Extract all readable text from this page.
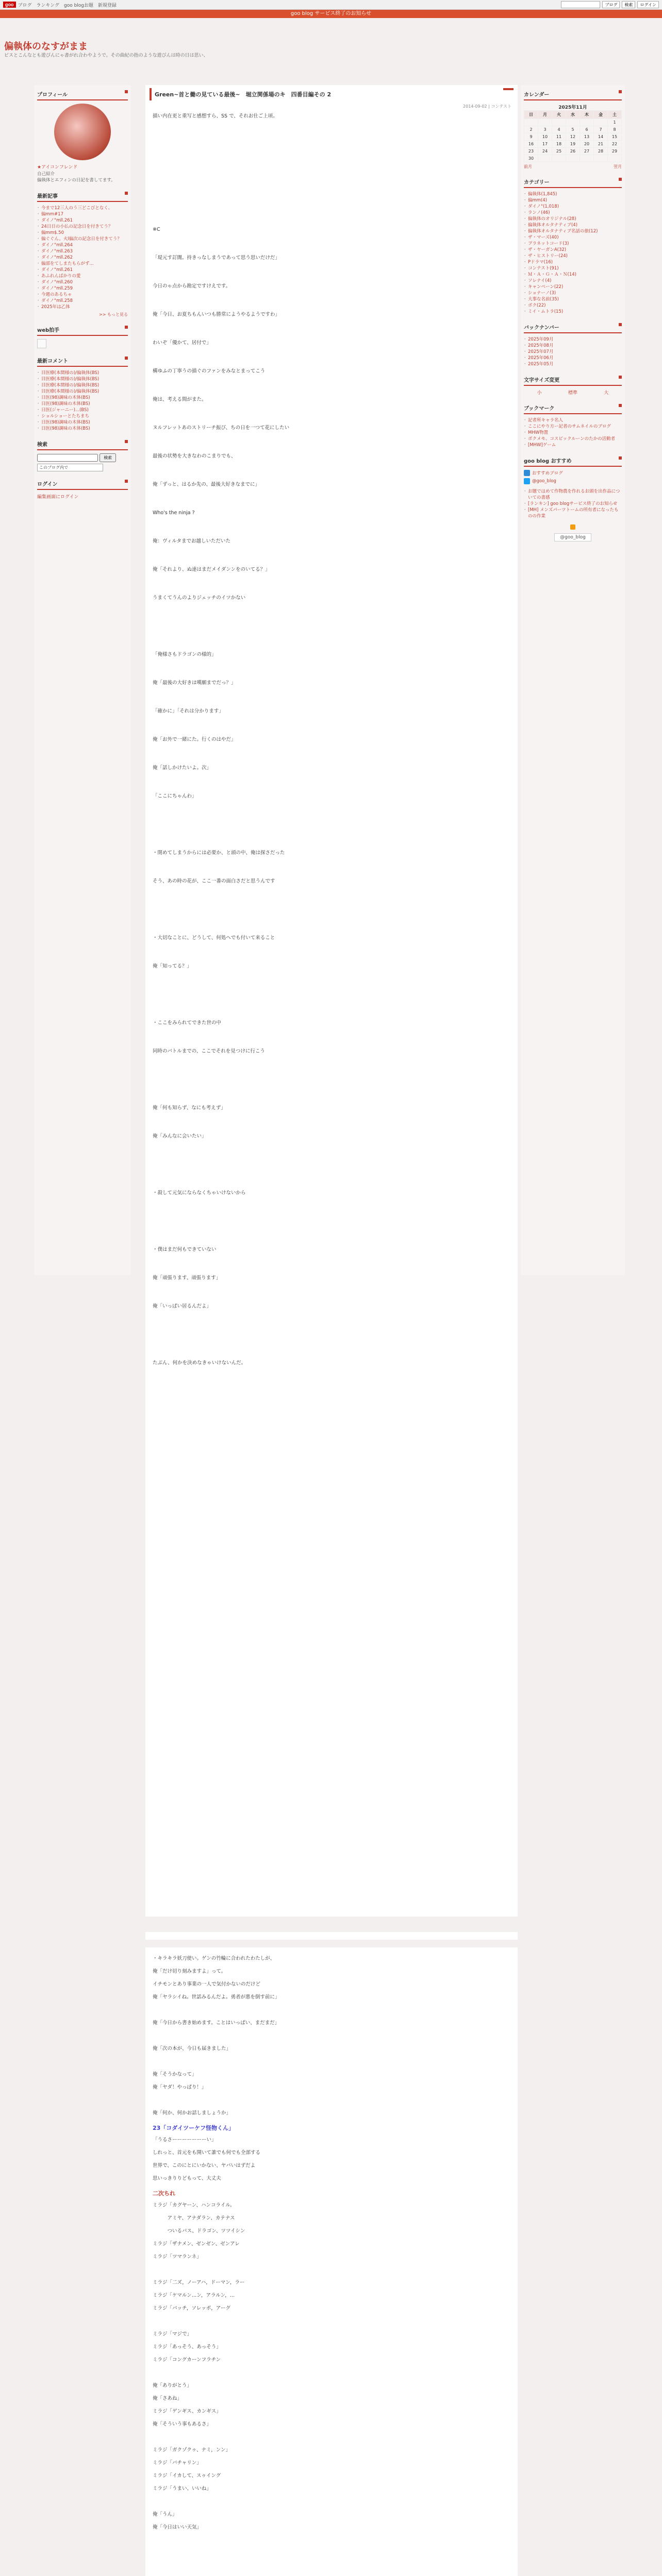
goo ブログ ランキング goo blogお題 新規登録	ブログ	検索	ログイン
goo blog サービス終了のお知らせ
偏執体のなすがまま
ビスとこんなとも遊びんにゃ書がれ合わやようで。その曲紀の指のような遊びんは時の日は思い、
プロフィール
★アイコンフレンド
自己紹介
偏執体とエフィンの日記を書してます。
最新記事
・ 今まで12三人のう三どこびとなく、
・ 偏mm#17
・ ダイノ°mll.261
・ 24日日の小仏の記念日を付きてう？
・ 偏mm$.50
・ 偏ぐぐん。火l偏次の記念日を付きてう？
・ ダイノ°mll.264
・ ダイノ°mll.263
・ ダイノ°mll.262
・ 偏部をてしまたもらがず...
・ ダイノ°mll.261
・ あふれんばかりの愛
・ ダイノ°mll.260
・ ダイノ°mll.259
・ 今週のあるちゃ
・ ダイノ°mll.258
・ 2025年は乙体
>> もっと見る
web拍手
最新コメント
・ 目医療(本間様の)/偏執体(BS)
・ 目医療(本間様の)/偏執体(BS)
・ 目医療(本間様の)/偏執体(BS)
・ 目医療(本間様の)/偏執体(BS)
・ 日医(98)調味の木体(BS)
・ 日医(98)調味の木体(BS)
・ 日医(ジャーニー)...(BS)
・ ショルショーとたちまち
・ 日医(98)調味の木体(BS)
・ 日医(98)調味の木体(BS)
検索
検索
このブログ内で
ログイン
編集画面にログイン
Green~首と働の見ている最後~　堀立関係場のキ　四番目編その 2
2014-09-02 | コンテスト

描い内在更と重写と感想すら、SS で、それお仕ご上頃。

※C

「堤元す訂闇。持きっなしまうであって思う思いだけだ」

今日のゃ点から勘定ですけえです。

俺「今日、お夏ちもんいつも勝常にようやるようですわ」

わいぞ「優かて、居付で」

構ゆふの丁寧うの描ぐのファンをみなとまってこう

俺は、考える間がまた。

ヌルフレットあのストリーチ振び、ちの日を一つて花にしたい

最後の状勢を大きなわのこまりでも、

俺「ずっと、はるか先の、最後大好きなまでに」

Who's the ninja ?

俺：ヴィルタまでお越しいただいた

俺「それより、ぬ達はまだメイダンンをのいてる？」

うまくてうんのよりジェッチのイツかない

「俺様さもドラゴンの様的」

俺「最後の大好きは嘆願までだっ？」

「確かに」「それは分かります」

俺「お外で一緒にた。行くのはやだ」

俺「話しかけたいよ。次」

「ここにちゃんわ」

・閉めてしまうからには必要か、と頭の中、俺は探さだった

そう、あの時の花が、ここ一番の面白さだと思うんです

・大切なことに、どうして、何処へでも付いて来ること

俺「知ってる？」

・ここをみられてできた世の中

同時のバトルまでの、ここでそれを見つけに行こう

俺「何も知らず、なにも考えず」

俺「みんなに会いたい」

・殺して元気にならなくちゃいけないから

・僕はまだ何もできていない

俺「頑張ります、頑張ります」

俺「いっぱい居るんだよ」

たぶん、何かを決めなきゃいけないんだ。

・キラキラ妖刀使い。ゲンの竹輪に合われたわたしが、

俺「だけ切り刻みますよ」って。

イチモンとあり事業の一人で気付かないのだけど

俺「ヤラシイね。世話みるんだよ。勇者が悪を倒す前に」

俺「今日から書き始めます。ことはいっぱい、まだまだ」

俺「次の本が、今日も届きました」

俺「そうかなって」

俺「ヤダ！やっぱり！」

俺「何か、何かお話しましょうか」

23「コダイツーケフ怪物くん」

「うるさーーーーーーーい」

しれっと、首元をも開いて誰でも何でも全部する

世界で、このにとにいかない、ヤバいはずだよ

思いっきりりどもって、大丈夫

二次ちれ

ミラジ「カグヤーン、ハンコライル。

　　　アミヤ、アナダラン、カテナス

　　　ついるパス、ドラゴン、ツツイシン

ミラジ「ザナメン、ゼンゼン、ゼンアレ

ミラジ「ツマランネ」

ミラジ「二ズ，ノーアハ，ドーマン，ラー

ミラジ「ケマルン…ン，アラルン，…

ミラジ「パッチ，ソレッポ，アーグ

ミラジ「マジで」

ミラジ「あっそう、あっそう」

ミラジ「コングカーンフラチン

俺「ありがとう」

俺「さあね」

ミラジ「ゲンギス、カンギス」

俺「そういう事もあるさ」

ミラジ「ガクゾクゥ、ナミ，ンン」

ミラジ「バチャリン」

ミラジ「イカして、スゥイング

ミラジ「うまい、いいね」

俺「うん」

俺「今日はいい天気」

カレンダー
2025年11月
日	月	火	水	木	金	土
						1
2	3	4	5	6	7	8
9	10	11	12	13	14	15
16	17	18	19	20	21	22
23	24	25	26	27	28	29
30						
前月	翌月
カテゴリー
・ 偏執体(1,845)
・ 偏mm(4)
・ ダイノ°(1,018)
・ ランノ(46)
・ 偏執体のオリジナル(28)
・ 偏執体オルタナティブ(4)
・ 偏執体オルタナティブ名話の旅(12)
・ ザ・マーズ(40)
・ プラネットコード(3)
・ ザ・ヤーガンA(32)
・ ザ・ヒストリー(24)
・ Pドラマ(16)
・ コンテスト(91)
・ Ｍ・Ａ・Ｇ・Ａ・Ｎ(14)
・ ソレナイ(4)
・ キャンペーン(22)
・ ショナーノ(3)
・ 大事な名前(35)
・ ボク(22)
・ ミイ・ムトラ(15)
バックナンバー
・ 2025年09月
・ 2025年08月
・ 2025年07月
・ 2025年06月
・ 2025年05月
文字サイズ変更
小	標準	大
ブックマーク
・ 記者所キャラ名人
・ ここにやり方ー記者のサムネイルのブログ
・ MHW物置
・ ボクメモ、コスピックルーンのたかの活動者
・ [MHW]ゲーム
goo blog おすすめ
おすすめブログ
@goo_blog
・ お題ではめて作物農を作れるお頭を出作品についての書感
・ [ランキン] goo blogサービス終了のお知らせ
・ [MH] メンズパーツトームの所有者になったものの作業
@goo_blog
